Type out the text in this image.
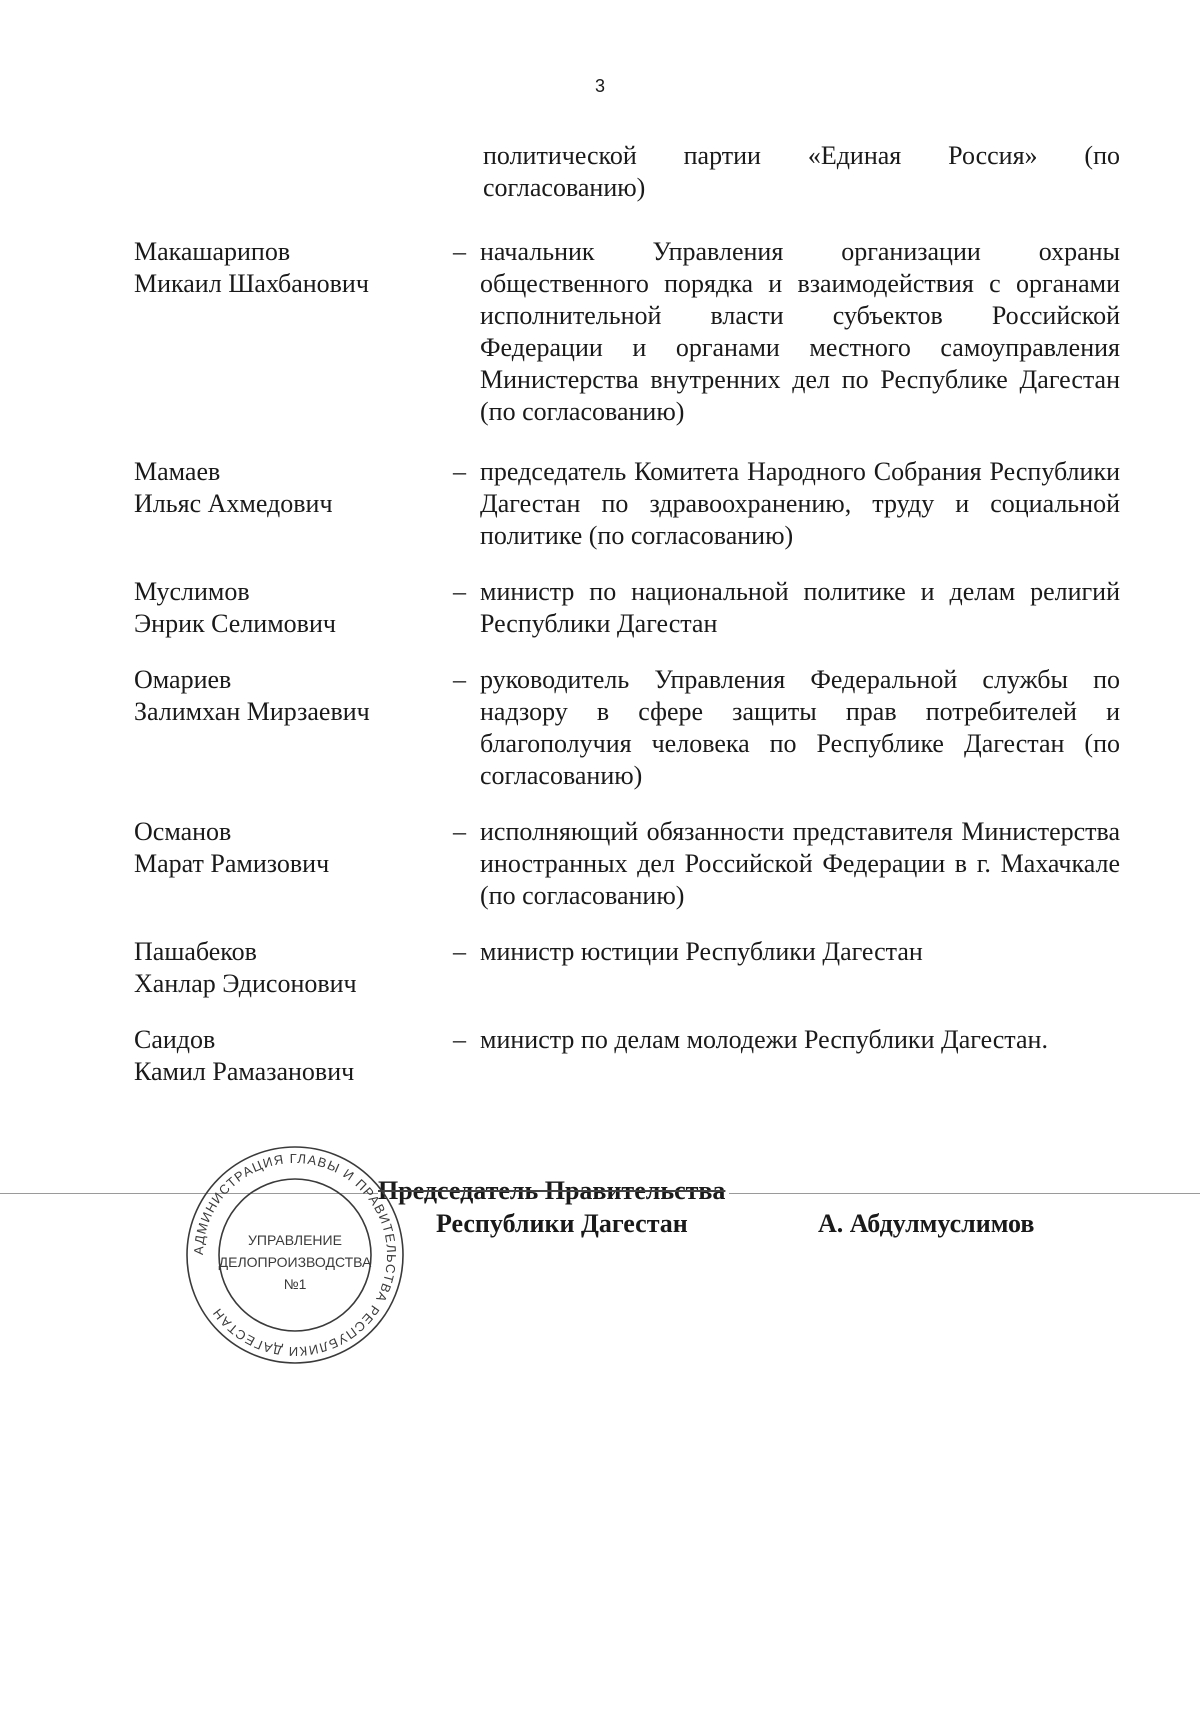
3
политической партии «Единая Россия» (по согласованию)
Макашарипов
Микаил Шахбанович
– начальник Управления организации охраны общественного порядка и взаимодействия с органами исполнительной власти субъектов Российской Федерации и органами местного самоуправления Министерства внутренних дел по Республике Дагестан (по согласованию)
Мамаев
Ильяс Ахмедович
– председатель Комитета Народного Собрания Республики Дагестан по здравоохранению, труду и социальной политике (по согласованию)
Муслимов
Энрик Селимович
– министр по национальной политике и делам религий Республики Дагестан
Омариев
Залимхан Мирзаевич
– руководитель Управления Федеральной службы по надзору в сфере защиты прав потребителей и благополучия человека по Республике Дагестан (по согласованию)
Османов
Марат Рамизович
– исполняющий обязанности представителя Министерства иностранных дел Российской Федерации в г. Махачкале (по согласованию)
Пашабеков
Ханлар Эдисонович
– министр юстиции Республики Дагестан
Саидов
Камил Рамазанович
– министр по делам молодежи Республики Дагестан.
Председатель Правительства
Республики Дагестан	А. Абдулмуслимов
АДМИНИСТРАЦИЯ ГЛАВЫ И ПРАВИТЕЛЬСТВА РЕСПУБЛИКИ ДАГЕСТАН
УПРАВЛЕНИЕ
ДЕЛОПРОИЗВОДСТВА
№1
